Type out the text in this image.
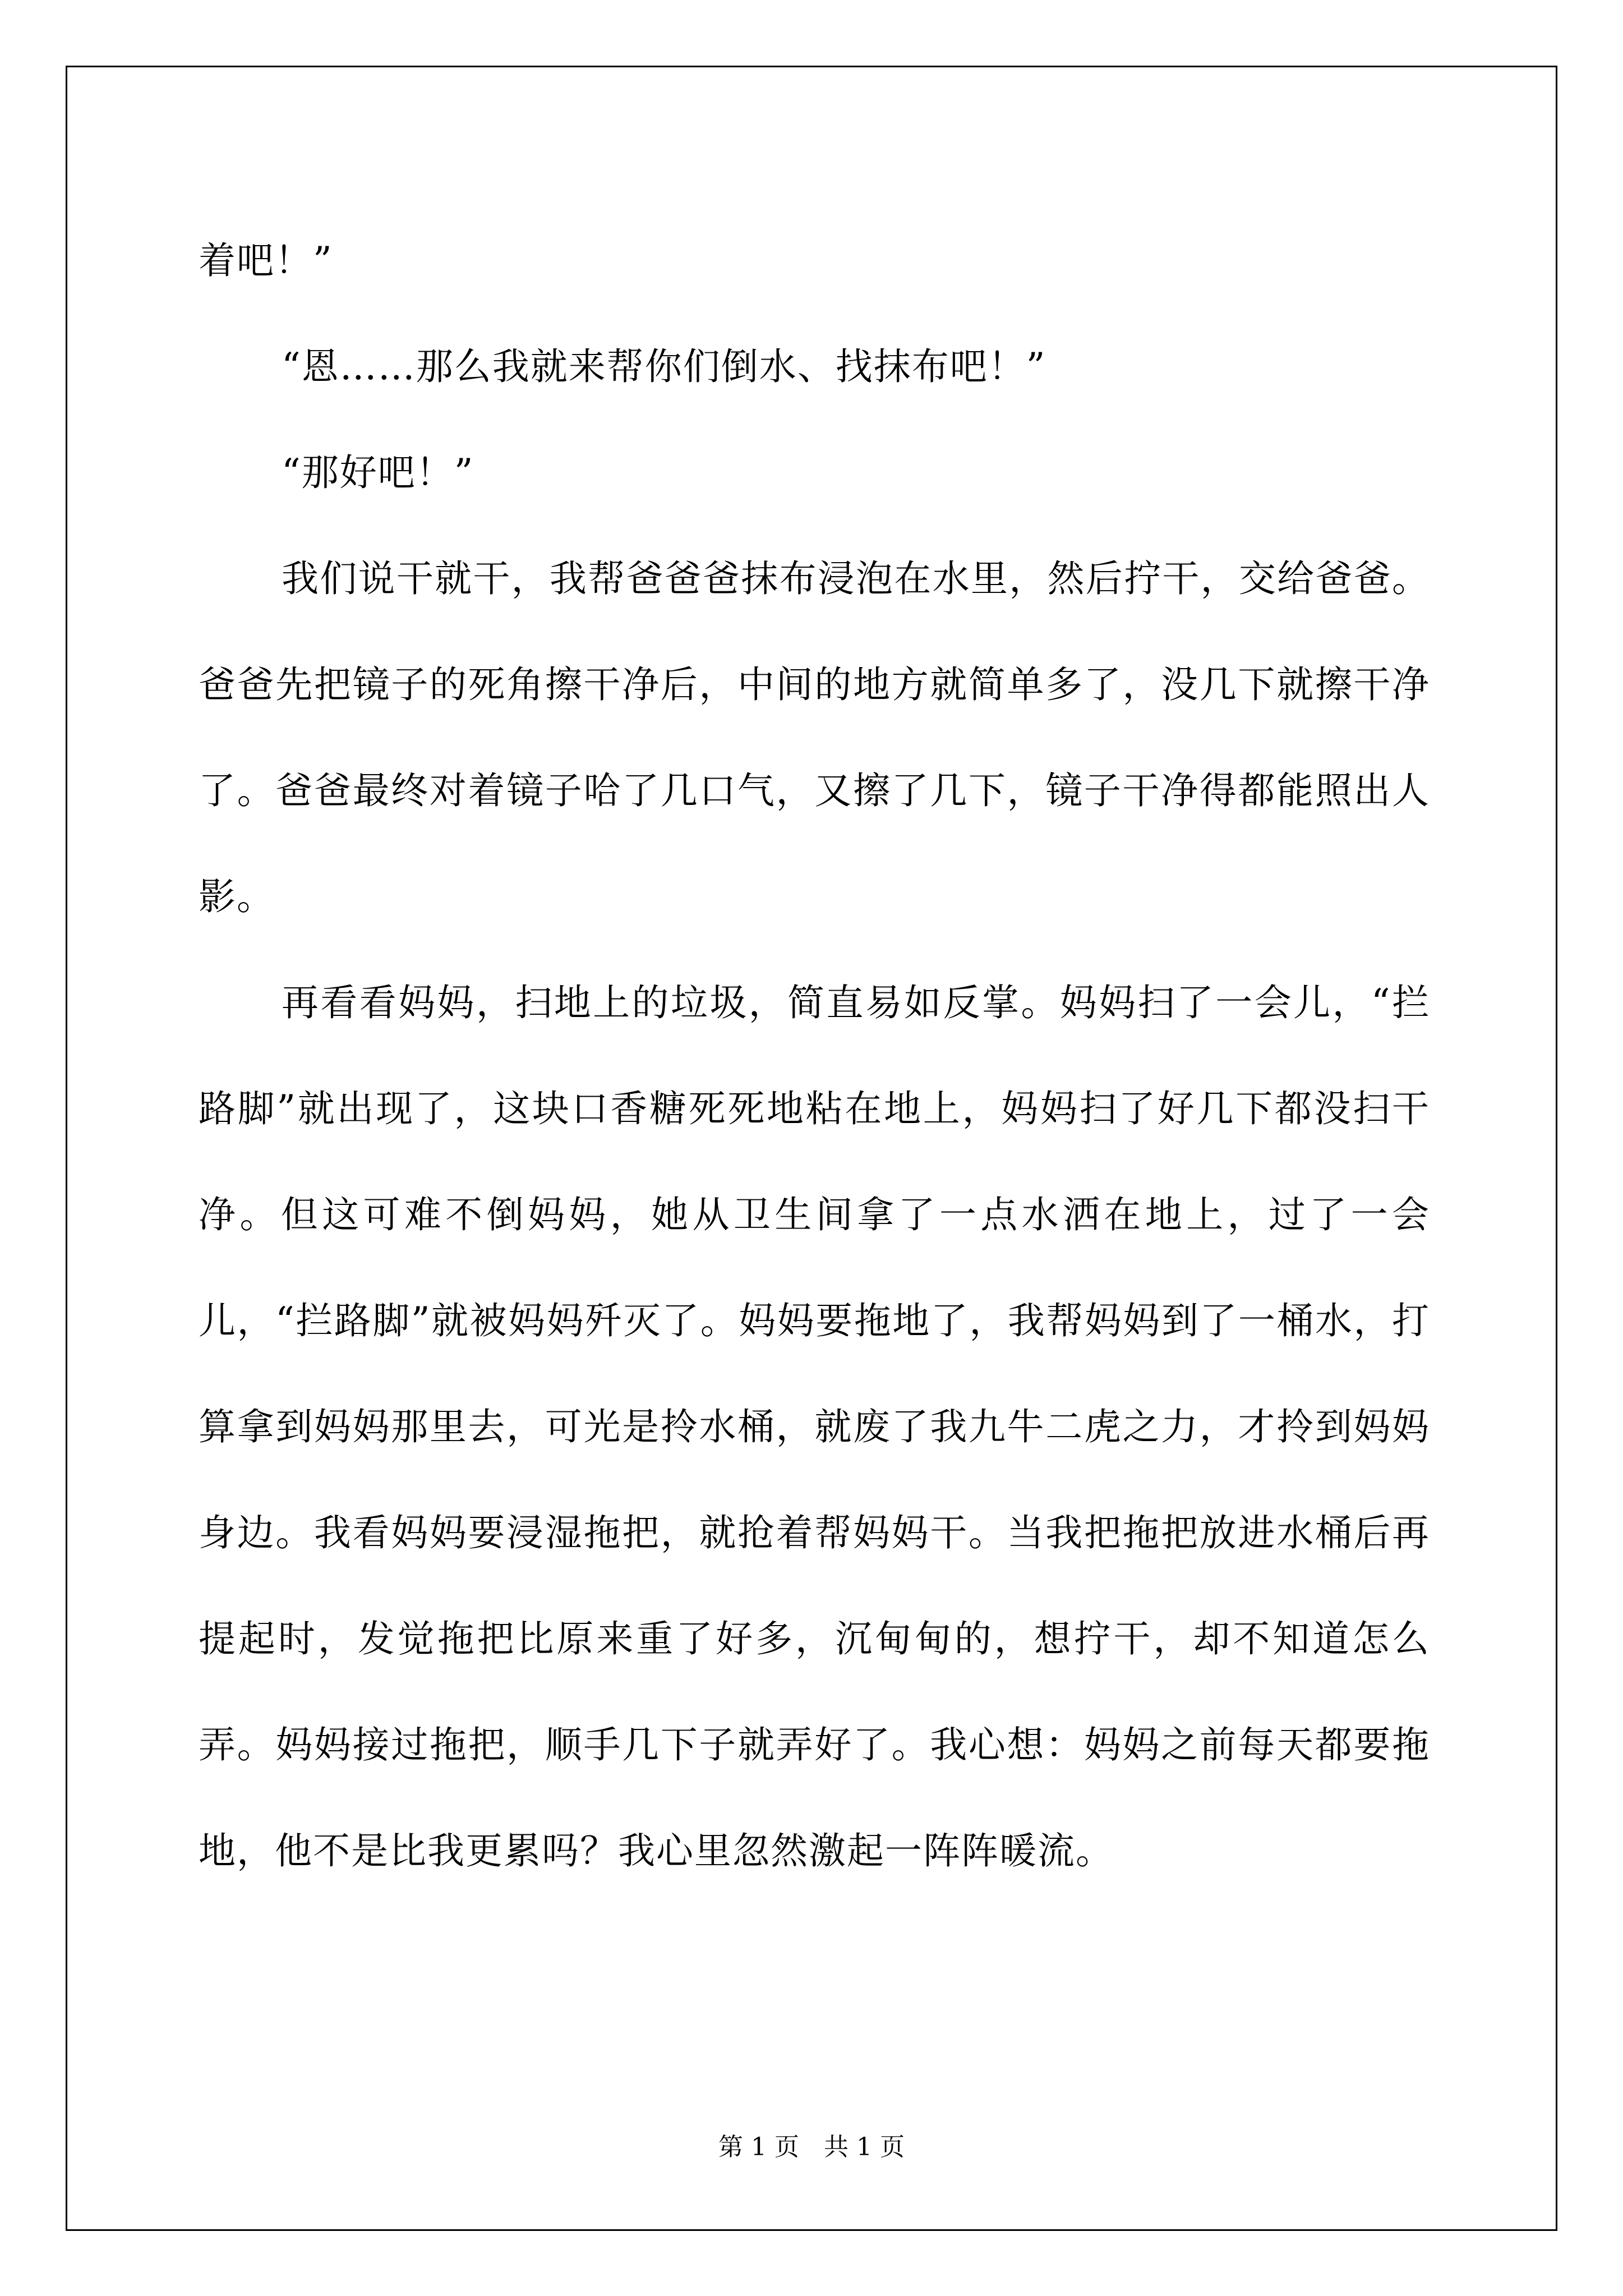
着吧！”

“恩……那么我就来帮你们倒水、找抹布吧！”

“那好吧！”

我们说干就干，我帮爸爸爸抹布浸泡在水里，然后拧干，交给爸爸。爸爸先把镜子的死角擦干净后，中间的地方就简单多了，没几下就擦干净了。爸爸最终对着镜子哈了几口气，又擦了几下，镜子干净得都能照出人影。

再看看妈妈，扫地上的垃圾，简直易如反掌。妈妈扫了一会儿，“拦路脚”就出现了，这块口香糖死死地粘在地上，妈妈扫了好几下都没扫干净。但这可难不倒妈妈，她从卫生间拿了一点水洒在地上，过了一会儿，“拦路脚”就被妈妈歼灭了。妈妈要拖地了，我帮妈妈到了一桶水，打算拿到妈妈那里去，可光是拎水桶，就废了我九牛二虎之力，才拎到妈妈身边。我看妈妈要浸湿拖把，就抢着帮妈妈干。当我把拖把放进水桶后再提起时，发觉拖把比原来重了好多，沉甸甸的，想拧干，却不知道怎么弄。妈妈接过拖把，顺手几下子就弄好了。我心想：妈妈之前每天都要拖地，他不是比我更累吗？我心里忽然激起一阵阵暖流。

第 1 页　共 1 页
